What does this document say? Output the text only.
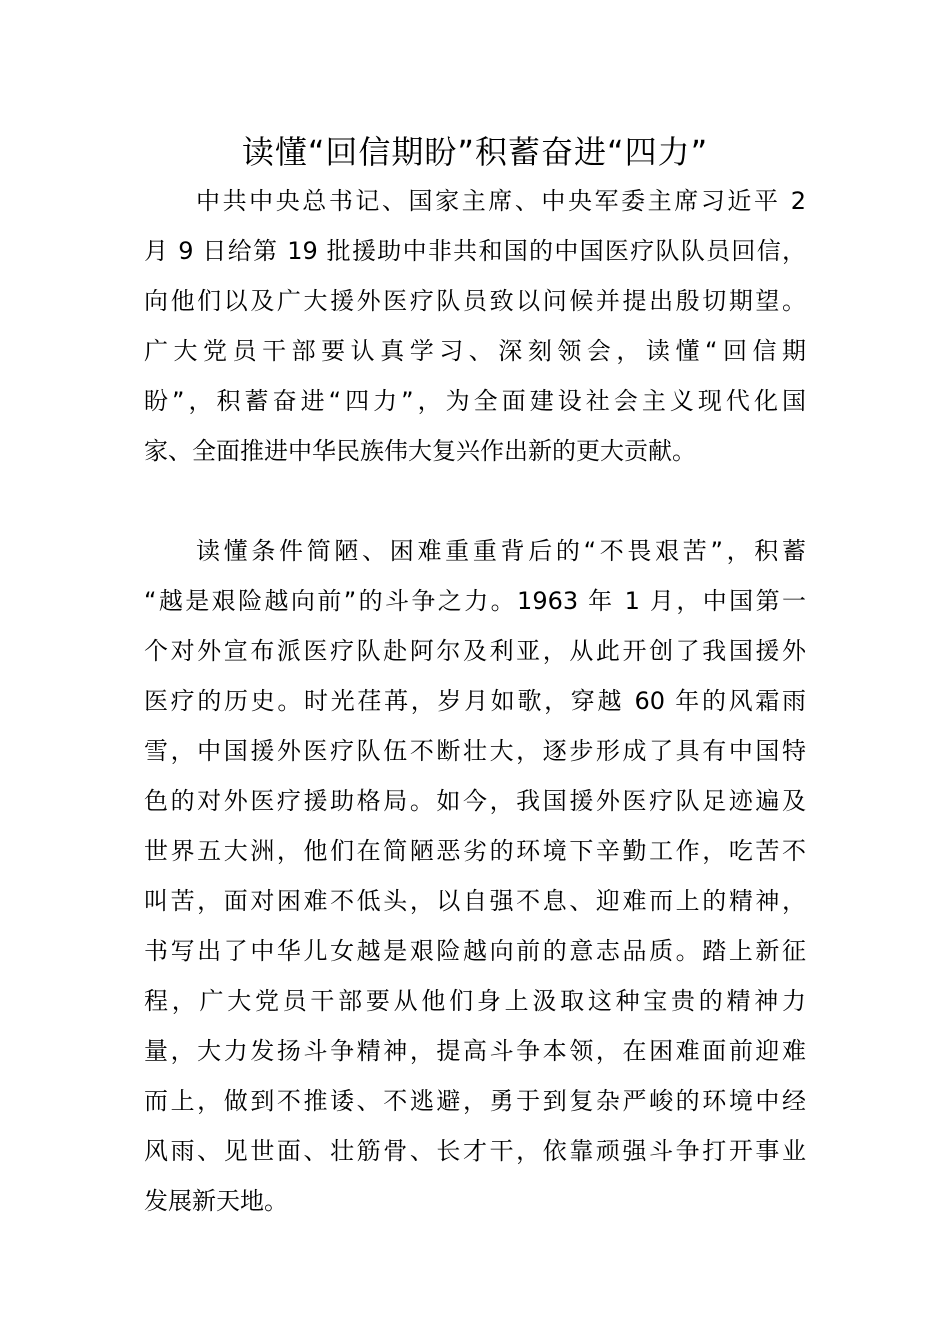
读懂“回信期盼”积蓄奋进“四力”
中共中央总书记、国家主席、中央军委主席习近平 2
月 9 日给第 19 批援助中非共和国的中国医疗队队员回信，
向他们以及广大援外医疗队员致以问候并提出殷切期望。
广大党员干部要认真学习、深刻领会，读懂“回信期
盼”，积蓄奋进“四力”，为全面建设社会主义现代化国
家、全面推进中华民族伟大复兴作出新的更大贡献。
读懂条件简陋、困难重重背后的“不畏艰苦”，积蓄
“越是艰险越向前”的斗争之力。1963 年 1 月，中国第一
个对外宣布派医疗队赴阿尔及利亚，从此开创了我国援外
医疗的历史。时光荏苒，岁月如歌，穿越 60 年的风霜雨
雪，中国援外医疗队伍不断壮大，逐步形成了具有中国特
色的对外医疗援助格局。如今，我国援外医疗队足迹遍及
世界五大洲，他们在简陋恶劣的环境下辛勤工作，吃苦不
叫苦，面对困难不低头，以自强不息、迎难而上的精神，
书写出了中华儿女越是艰险越向前的意志品质。踏上新征
程，广大党员干部要从他们身上汲取这种宝贵的精神力
量，大力发扬斗争精神，提高斗争本领，在困难面前迎难
而上，做到不推诿、不逃避，勇于到复杂严峻的环境中经
风雨、见世面、壮筋骨、长才干，依靠顽强斗争打开事业
发展新天地。
